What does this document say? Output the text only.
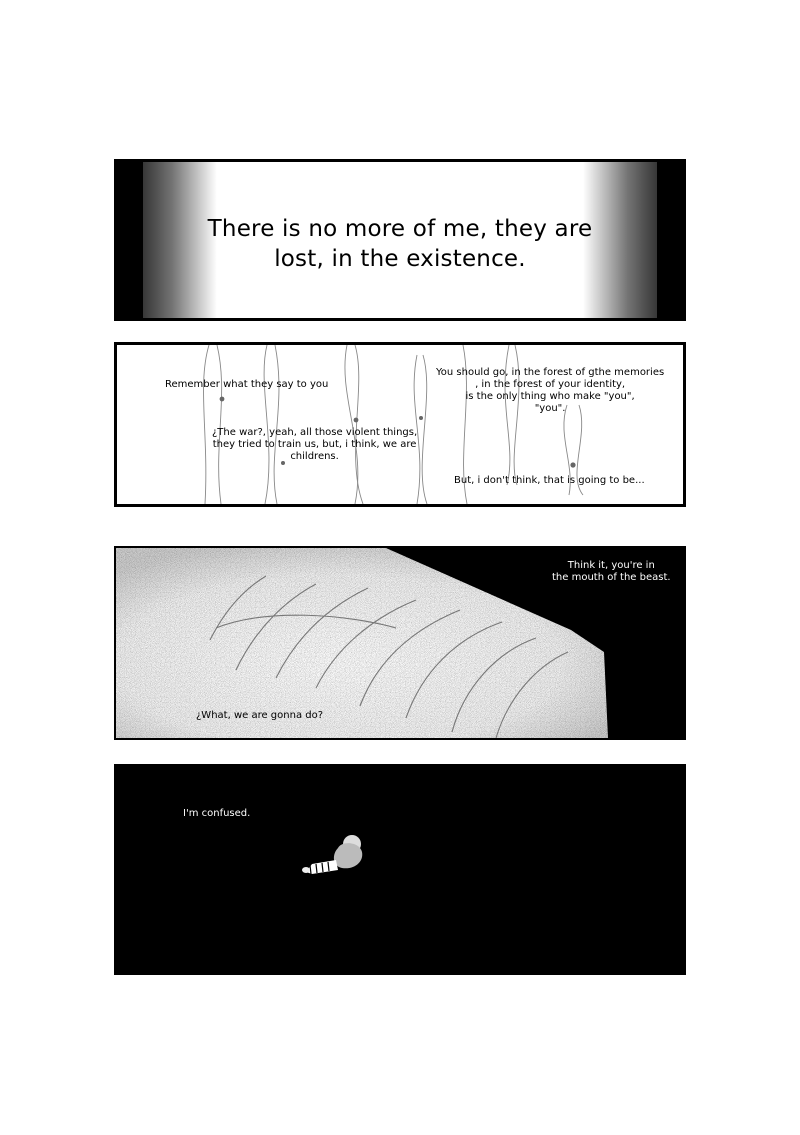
There is no more of me, they are
lost, in the existence.
Remember what they say to you
¿The war?, yeah, all those violent things,
they tried to train us, but, i think, we are
childrens.
You should go, in the forest of gthe memories
, in the forest of your identity,
is the only thing who make "you",
"you".
But, i don't think, that is going to be...
Think it, you're in
the mouth of the beast.
¿What, we are gonna do?
I'm confused.
